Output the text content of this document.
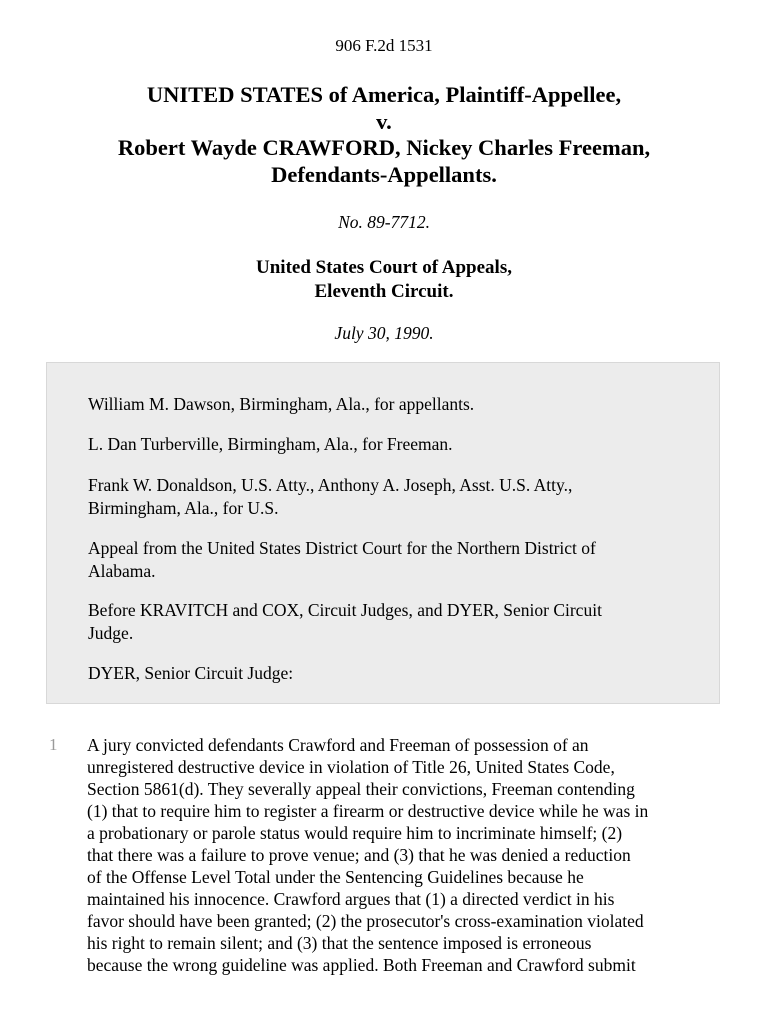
906 F.2d 1531
UNITED STATES of America, Plaintiff-Appellee,
v.
Robert Wayde CRAWFORD, Nickey Charles Freeman,
Defendants-Appellants.
No. 89-7712.
United States Court of Appeals,
Eleventh Circuit.
July 30, 1990.
William M. Dawson, Birmingham, Ala., for appellants.
L. Dan Turberville, Birmingham, Ala., for Freeman.
Frank W. Donaldson, U.S. Atty., Anthony A. Joseph, Asst. U.S. Atty.,
Birmingham, Ala., for U.S.
Appeal from the United States District Court for the Northern District of
Alabama.
Before KRAVITCH and COX, Circuit Judges, and DYER, Senior Circuit
Judge.
DYER, Senior Circuit Judge:
1 A jury convicted defendants Crawford and Freeman of possession of an
unregistered destructive device in violation of Title 26, United States Code,
Section 5861(d). They severally appeal their convictions, Freeman contending
(1) that to require him to register a firearm or destructive device while he was in
a probationary or parole status would require him to incriminate himself; (2)
that there was a failure to prove venue; and (3) that he was denied a reduction
of the Offense Level Total under the Sentencing Guidelines because he
maintained his innocence. Crawford argues that (1) a directed verdict in his
favor should have been granted; (2) the prosecutor's cross-examination violated
his right to remain silent; and (3) that the sentence imposed is erroneous
because the wrong guideline was applied. Both Freeman and Crawford submit
